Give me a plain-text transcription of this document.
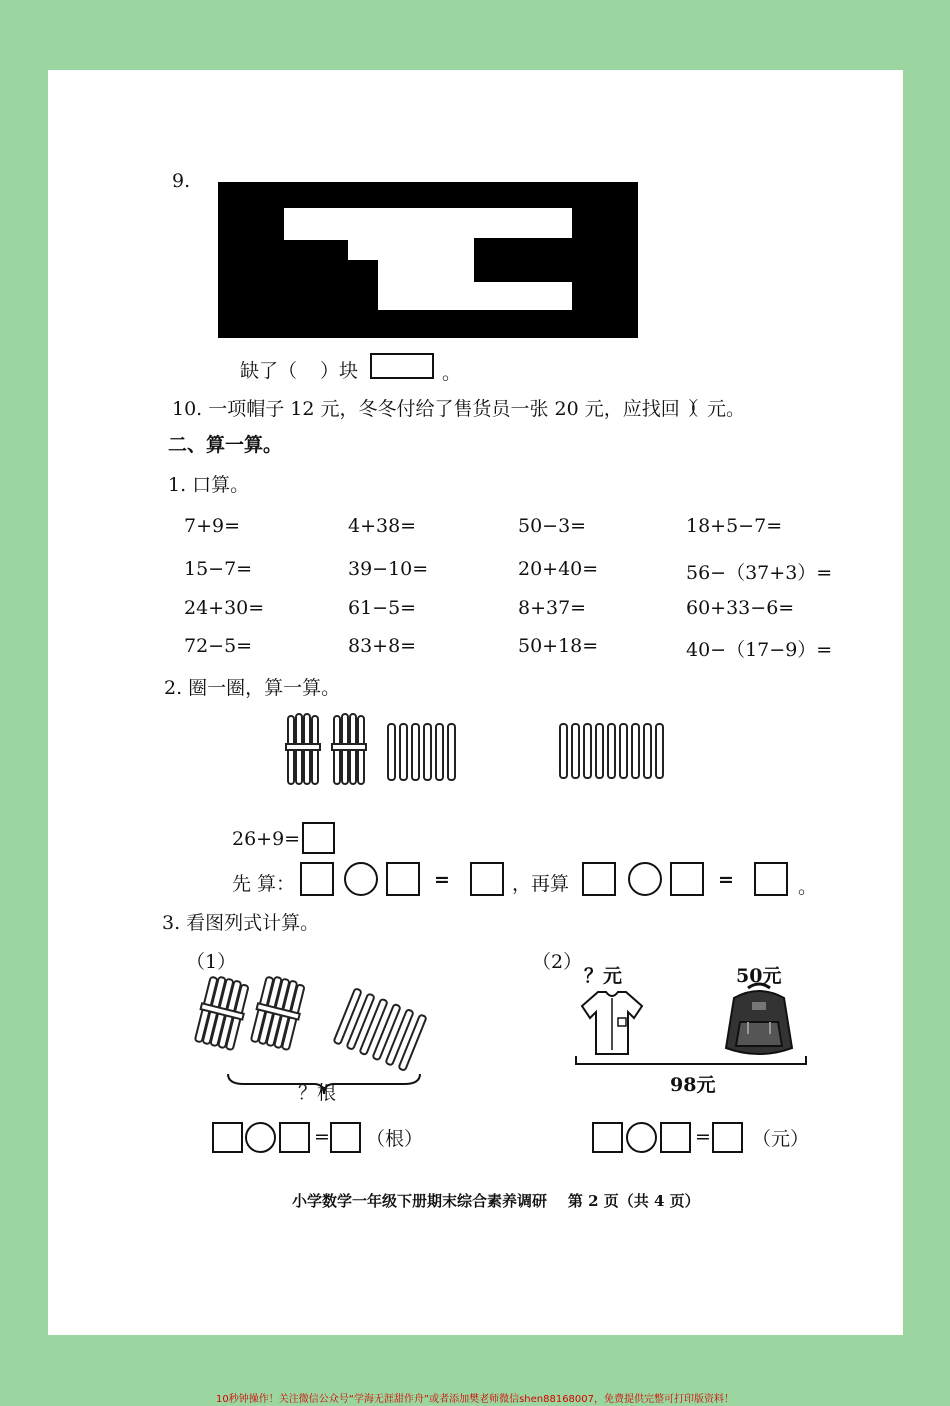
9.
缺了（ ）块	。
10. 一项帽子 12 元，冬冬付给了售货员一张 20 元，应找回（
）元。
二、算一算。
1. 口算。
7+9=	4+38=	50−3=	18+5−7=
15−7=	39−10=	20+40=	56−（37+3）=
24+30=	61−5=	8+37=	60+33−6=
72−5=	83+8=	50+18=	40−（17−9）=
2. 圈一圈，算一算。
26+9=
先 算：	=	，再算	=	。
3. 看图列式计算。
（1）
？根
= （根）
（2）
？元	50元
98元
= （元）
小学数学一年级下册期末综合素养调研    第 2 页（共 4 页）
10秒钟操作！关注微信公众号“学海无涯甜作舟”或者添加樊老师微信shen88168007，免费提供完整可打印版资料！
